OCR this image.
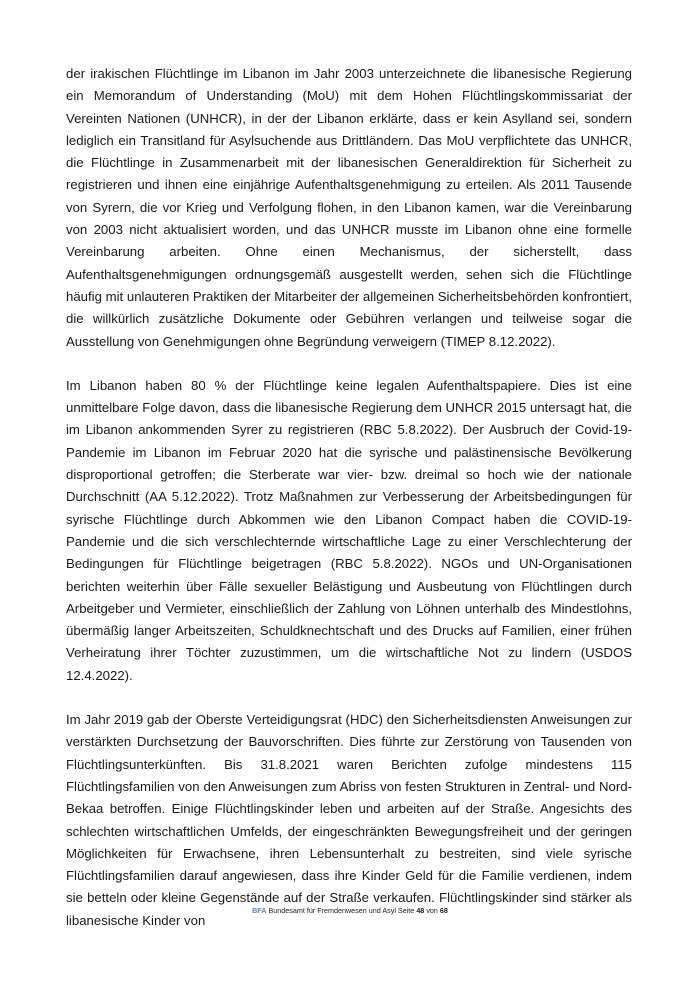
der irakischen Flüchtlinge im Libanon im Jahr 2003 unterzeichnete die libanesische Regierung ein Memorandum of Understanding (MoU) mit dem Hohen Flüchtlingskommissariat der Vereinten Nationen (UNHCR), in der der Libanon erklärte, dass er kein Asylland sei, sondern lediglich ein Transitland für Asylsuchende aus Drittländern. Das MoU verpflichtete das UNHCR, die Flüchtlinge in Zusammenarbeit mit der libanesischen Generaldirektion für Sicherheit zu registrieren und ihnen eine einjährige Aufenthaltsgenehmigung zu erteilen. Als 2011 Tausende von Syrern, die vor Krieg und Verfolgung flohen, in den Libanon kamen, war die Vereinbarung von 2003 nicht aktualisiert worden, und das UNHCR musste im Libanon ohne eine formelle Vereinbarung arbeiten. Ohne einen Mechanismus, der sicherstellt, dass Aufenthaltsgenehmigungen ordnungsgemäß ausgestellt werden, sehen sich die Flüchtlinge häufig mit unlauteren Praktiken der Mitarbeiter der allgemeinen Sicherheitsbehörden konfrontiert, die willkürlich zusätzliche Dokumente oder Gebühren verlangen und teilweise sogar die Ausstellung von Genehmigungen ohne Begründung verweigern (TIMEP 8.12.2022).

Im Libanon haben 80 % der Flüchtlinge keine legalen Aufenthaltspapiere. Dies ist eine unmittelbare Folge davon, dass die libanesische Regierung dem UNHCR 2015 untersagt hat, die im Libanon ankommenden Syrer zu registrieren (RBC 5.8.2022). Der Ausbruch der Covid-19-Pandemie im Libanon im Februar 2020 hat die syrische und palästinensische Bevölkerung disproportional getroffen; die Sterberate war vier- bzw. dreimal so hoch wie der nationale Durchschnitt (AA 5.12.2022). Trotz Maßnahmen zur Verbesserung der Arbeitsbedingungen für syrische Flüchtlinge durch Abkommen wie den Libanon Compact haben die COVID-19-Pandemie und die sich verschlechternde wirtschaftliche Lage zu einer Verschlechterung der Bedingungen für Flüchtlinge beigetragen (RBC 5.8.2022). NGOs und UN-Organisationen berichten weiterhin über Fälle sexueller Belästigung und Ausbeutung von Flüchtlingen durch Arbeitgeber und Vermieter, einschließlich der Zahlung von Löhnen unterhalb des Mindestlohns, übermäßig langer Arbeitszeiten, Schuldknechtschaft und des Drucks auf Familien, einer frühen Verheiratung ihrer Töchter zuzustimmen, um die wirtschaftliche Not zu lindern (USDOS 12.4.2022).

Im Jahr 2019 gab der Oberste Verteidigungsrat (HDC) den Sicherheitsdiensten Anweisungen zur verstärkten Durchsetzung der Bauvorschriften. Dies führte zur Zerstörung von Tausenden von Flüchtlingsunterkünften. Bis 31.8.2021 waren Berichten zufolge mindestens 115 Flüchtlingsfamilien von den Anweisungen zum Abriss von festen Strukturen in Zentral- und Nord-Bekaa betroffen. Einige Flüchtlingskinder leben und arbeiten auf der Straße. Angesichts des schlechten wirtschaftlichen Umfelds, der eingeschränkten Bewegungsfreiheit und der geringen Möglichkeiten für Erwachsene, ihren Lebensunterhalt zu bestreiten, sind viele syrische Flüchtlingsfamilien darauf angewiesen, dass ihre Kinder Geld für die Familie verdienen, indem sie betteln oder kleine Gegenstände auf der Straße verkaufen. Flüchtlingskinder sind stärker als libanesische Kinder von

BFA Bundesamt für Fremdenwesen und Asyl Seite 48 von 68
